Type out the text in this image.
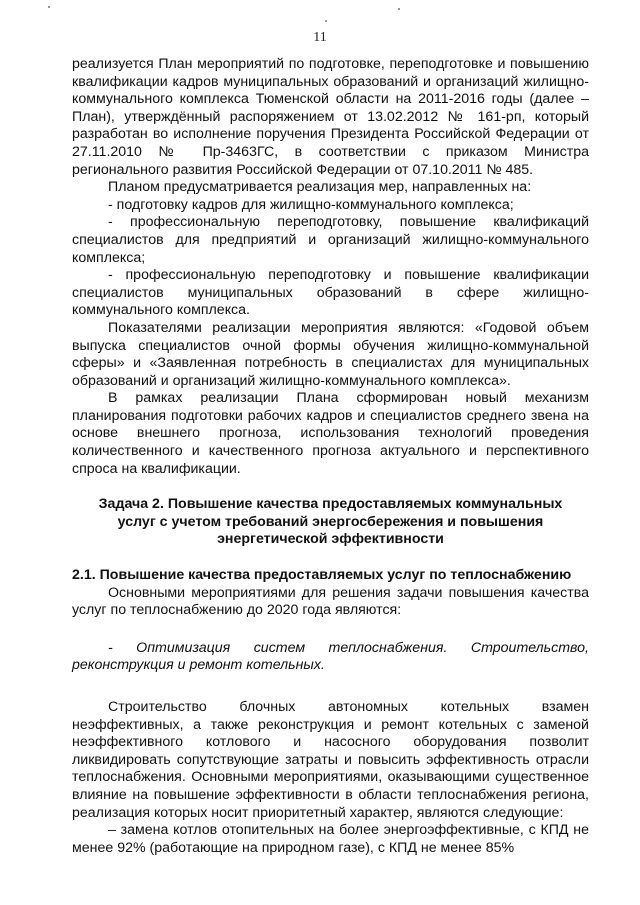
11

реализуется План мероприятий по подготовке, переподготовке и повышению квалификации кадров муниципальных образований и организаций жилищно-коммунального комплекса Тюменской области на 2011-2016 годы (далее – План), утверждённый распоряжением от 13.02.2012 № 161-рп, который разработан во исполнение поручения Президента Российской Федерации от 27.11.2010 № Пр-3463ГС, в соответствии с приказом Министра регионального развития Российской Федерации от 07.10.2011 № 485.

Планом предусматривается реализация мер, направленных на:

- подготовку кадров для жилищно-коммунального комплекса;

- профессиональную переподготовку, повышение квалификаций специалистов для предприятий и организаций жилищно-коммунального комплекса;

- профессиональную переподготовку и повышение квалификации специалистов муниципальных образований в сфере жилищно-коммунального комплекса.

Показателями реализации мероприятия являются: «Годовой объем выпуска специалистов очной формы обучения жилищно-коммунальной сферы» и «Заявленная потребность в специалистах для муниципальных образований и организаций жилищно-коммунального комплекса».

В рамках реализации Плана сформирован новый механизм планирования подготовки рабочих кадров и специалистов среднего звена на основе внешнего прогноза, использования технологий проведения количественного и качественного прогноза актуального и перспективного спроса на квалификации.

Задача 2. Повышение качества предоставляемых коммунальных услуг с учетом требований энергосбережения и повышения энергетической эффективности

2.1. Повышение качества предоставляемых услуг по теплоснабжению

Основными мероприятиями для решения задачи повышения качества услуг по теплоснабжению до 2020 года являются:

- Оптимизация систем теплоснабжения. Строительство, реконструкция и ремонт котельных.

Строительство блочных автономных котельных взамен неэффективных, а также реконструкция и ремонт котельных с заменой неэффективного котлового и насосного оборудования позволит ликвидировать сопутствующие затраты и повысить эффективность отрасли теплоснабжения. Основными мероприятиями, оказывающими существенное влияние на повышение эффективности в области теплоснабжения региона, реализация которых носит приоритетный характер, являются следующие:

– замена котлов отопительных на более энергоэффективные, с КПД не менее 92% (работающие на природном газе), с КПД не менее 85%
